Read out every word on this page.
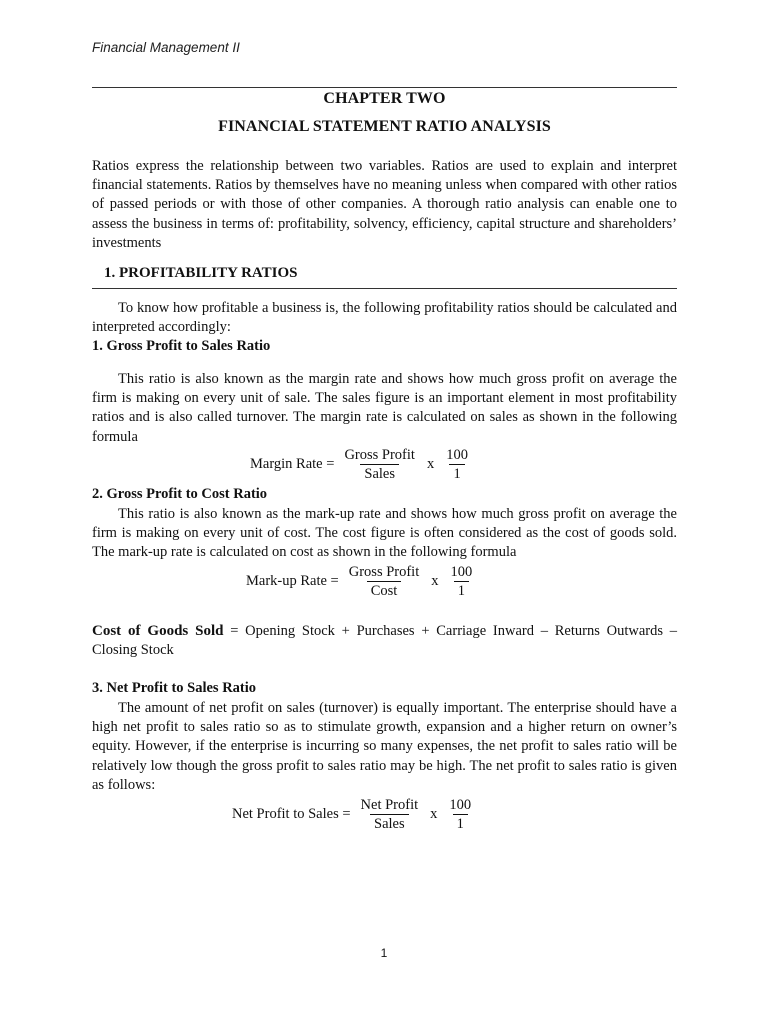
Financial Management II
CHAPTER TWO
FINANCIAL STATEMENT RATIO ANALYSIS

Ratios express the relationship between two variables. Ratios are used to explain and interpret financial statements. Ratios by themselves have no meaning unless when compared with other ratios of passed periods or with those of other companies. A thorough ratio analysis can enable one to assess the business in terms of: profitability, solvency, efficiency, capital structure and shareholders’ investments

1. PROFITABILITY RATIOS

To know how profitable a business is, the following profitability ratios should be calculated and interpreted accordingly:

1. Gross Profit to Sales Ratio

This ratio is also known as the margin rate and shows how much gross profit on average the firm is making on every unit of sale. The sales figure is an important element in most profitability ratios and is also called turnover. The margin rate is calculated on sales as shown in the following formula

Margin Rate = $\frac{\text{Gross Profit}}{\text{Sales}}$ x $\frac{100}{1}$
2. Gross Profit to Cost Ratio

This ratio is also known as the mark-up rate and shows how much gross profit on average the firm is making on every unit of cost. The cost figure is often considered as the cost of goods sold. The mark-up rate is calculated on cost as shown in the following formula

Mark-up Rate = $\frac{\text{Gross Profit}}{\text{Cost}}$ x $\frac{100}{1}$

Cost of Goods Sold = Opening Stock + Purchases + Carriage Inward – Returns Outwards – Closing Stock

3. Net Profit to Sales Ratio

The amount of net profit on sales (turnover) is equally important. The enterprise should have a high net profit to sales ratio so as to stimulate growth, expansion and a higher return on owner’s equity. However, if the enterprise is incurring so many expenses, the net profit to sales ratio will be relatively low though the gross profit to sales ratio may be high. The net profit to sales ratio is given as follows:

Net Profit to Sales = $\frac{\text{Net Profit}}{\text{Sales}}$ x $\frac{100}{1}$
1
